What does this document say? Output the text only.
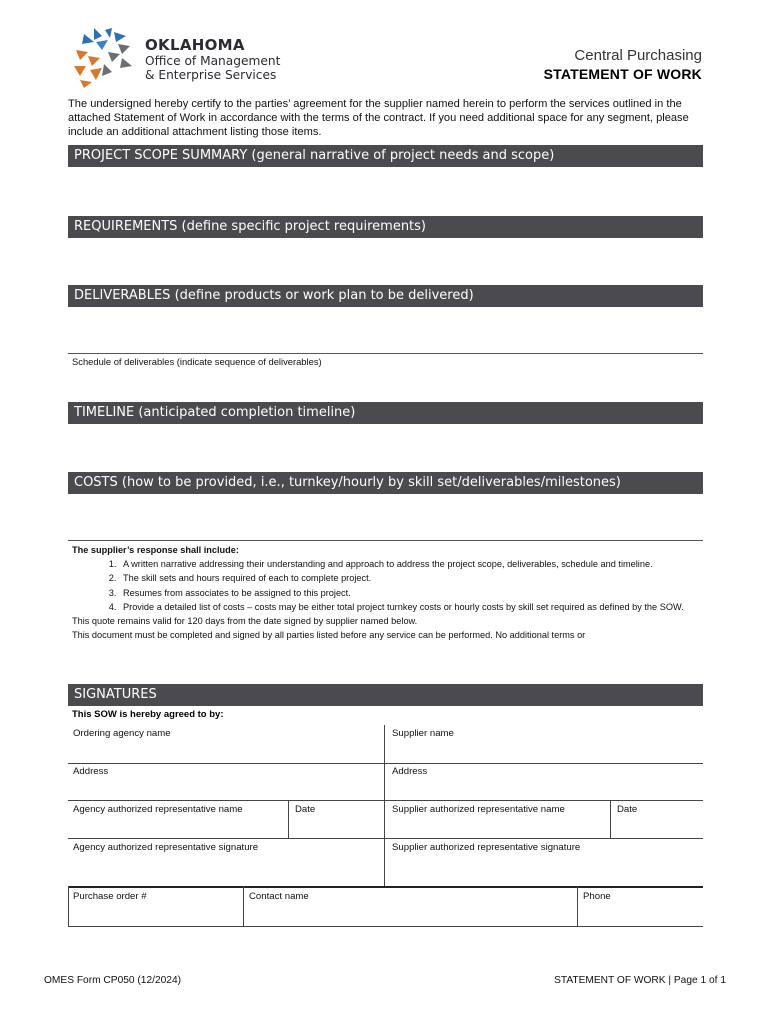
OKLAHOMA
Office of Management
& Enterprise Services
Central Purchasing
STATEMENT OF WORK
The undersigned hereby certify to the parties’ agreement for the supplier named herein to perform the services outlined in the attached Statement of Work in accordance with the terms of the contract. If you need additional space for any segment, please include an additional attachment listing those items.
PROJECT SCOPE SUMMARY (general narrative of project needs and scope)
REQUIREMENTS (define specific project requirements)
DELIVERABLES (define products or work plan to be delivered)
Schedule of deliverables (indicate sequence of deliverables)
TIMELINE (anticipated completion timeline)
COSTS (how to be provided, i.e., turnkey/hourly by skill set/deliverables/milestones)

The supplier’s response shall include:

1. A written narrative addressing their understanding and approach to address the project scope, deliverables, schedule and timeline.
2. The skill sets and hours required of each to complete project.
3. Resumes from associates to be assigned to this project.
4. Provide a detailed list of costs – costs may be either total project turnkey costs or hourly costs by skill set required as defined by the SOW.

This quote remains valid for 120 days from the date signed by supplier named below.

This document must be completed and signed by all parties listed before any service can be performed. No additional terms or

SIGNATURES
This SOW is hereby agreed to by:
Ordering agency name	Supplier name
Address	Address
Agency authorized representative name	Date	Supplier authorized representative name	Date
Agency authorized representative signature	Supplier authorized representative signature
Purchase order #	Contact name	Phone
OMES Form CP050 (12/2024)	STATEMENT OF WORK | Page 1 of 1
